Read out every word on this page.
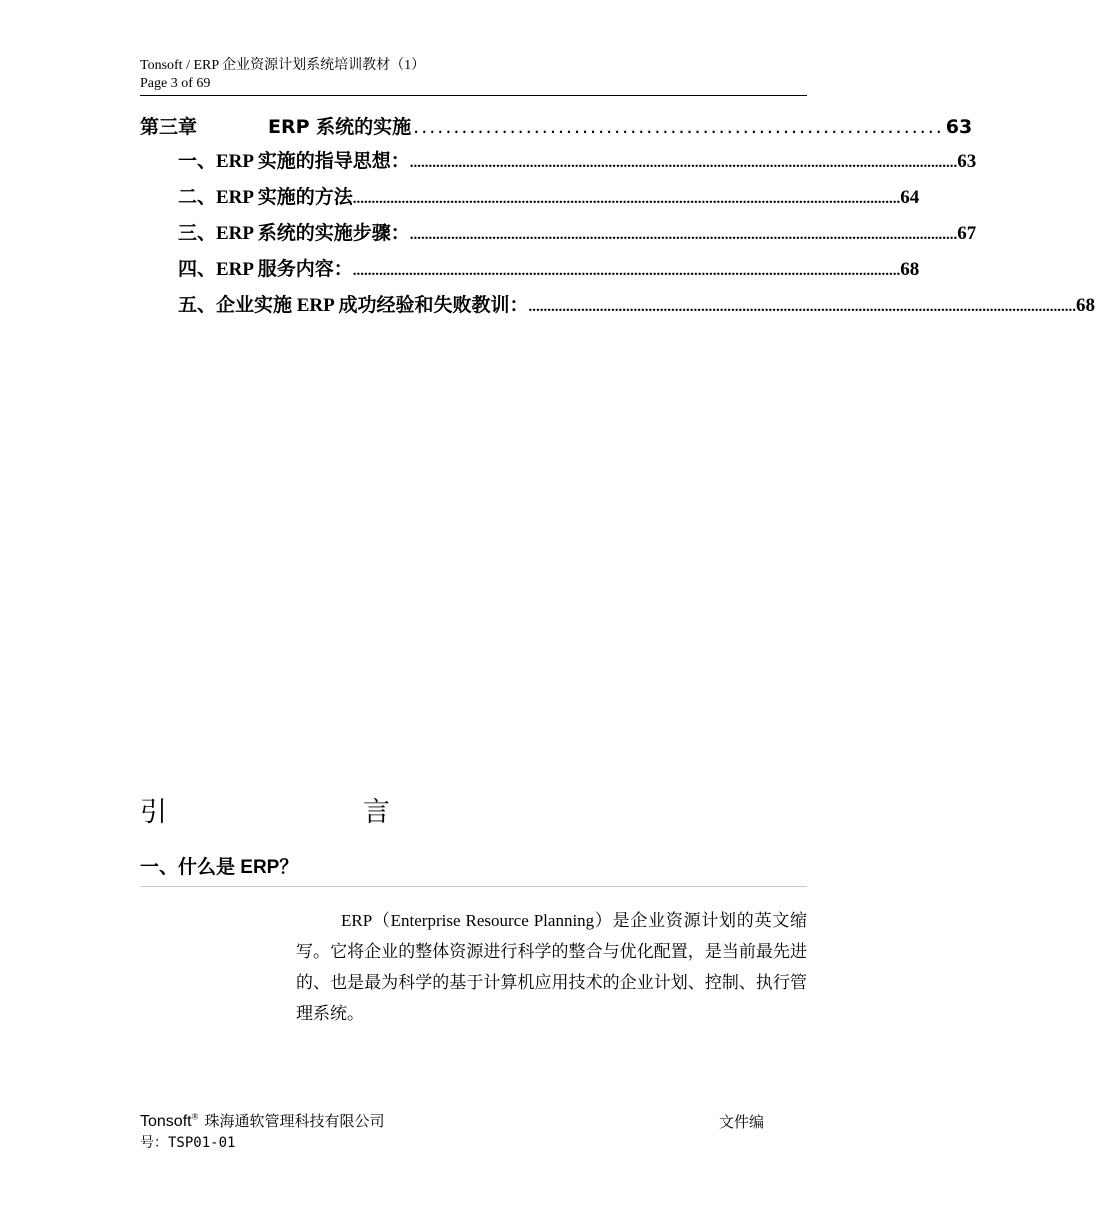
Tonsoft / ERP 企业资源计划系统培训教材（1）
Page 3 of 69
第三章	ERP 系统的实施 .................................................................. 63
一、ERP 实施的指导思想： .................................................................................................................................................. 63
二、ERP 实施的方法 .................................................................................................................................................. 64
三、ERP 系统的实施步骤： .................................................................................................................................................. 67
四、ERP 服务内容： .................................................................................................................................................. 68
五、企业实施 ERP 成功经验和失败教训： .................................................................................................................................................. 68
引	言
一、什么是 ERP？
ERP（Enterprise Resource Planning）是企业资源计划的英文缩写。它将企业的整体资源进行科学的整合与优化配置，是当前最先进的、也是最为科学的基于计算机应用技术的企业计划、控制、执行管理系统。
Tonsoft® 珠海通软管理科技有限公司	文件编
号：TSP01-01
